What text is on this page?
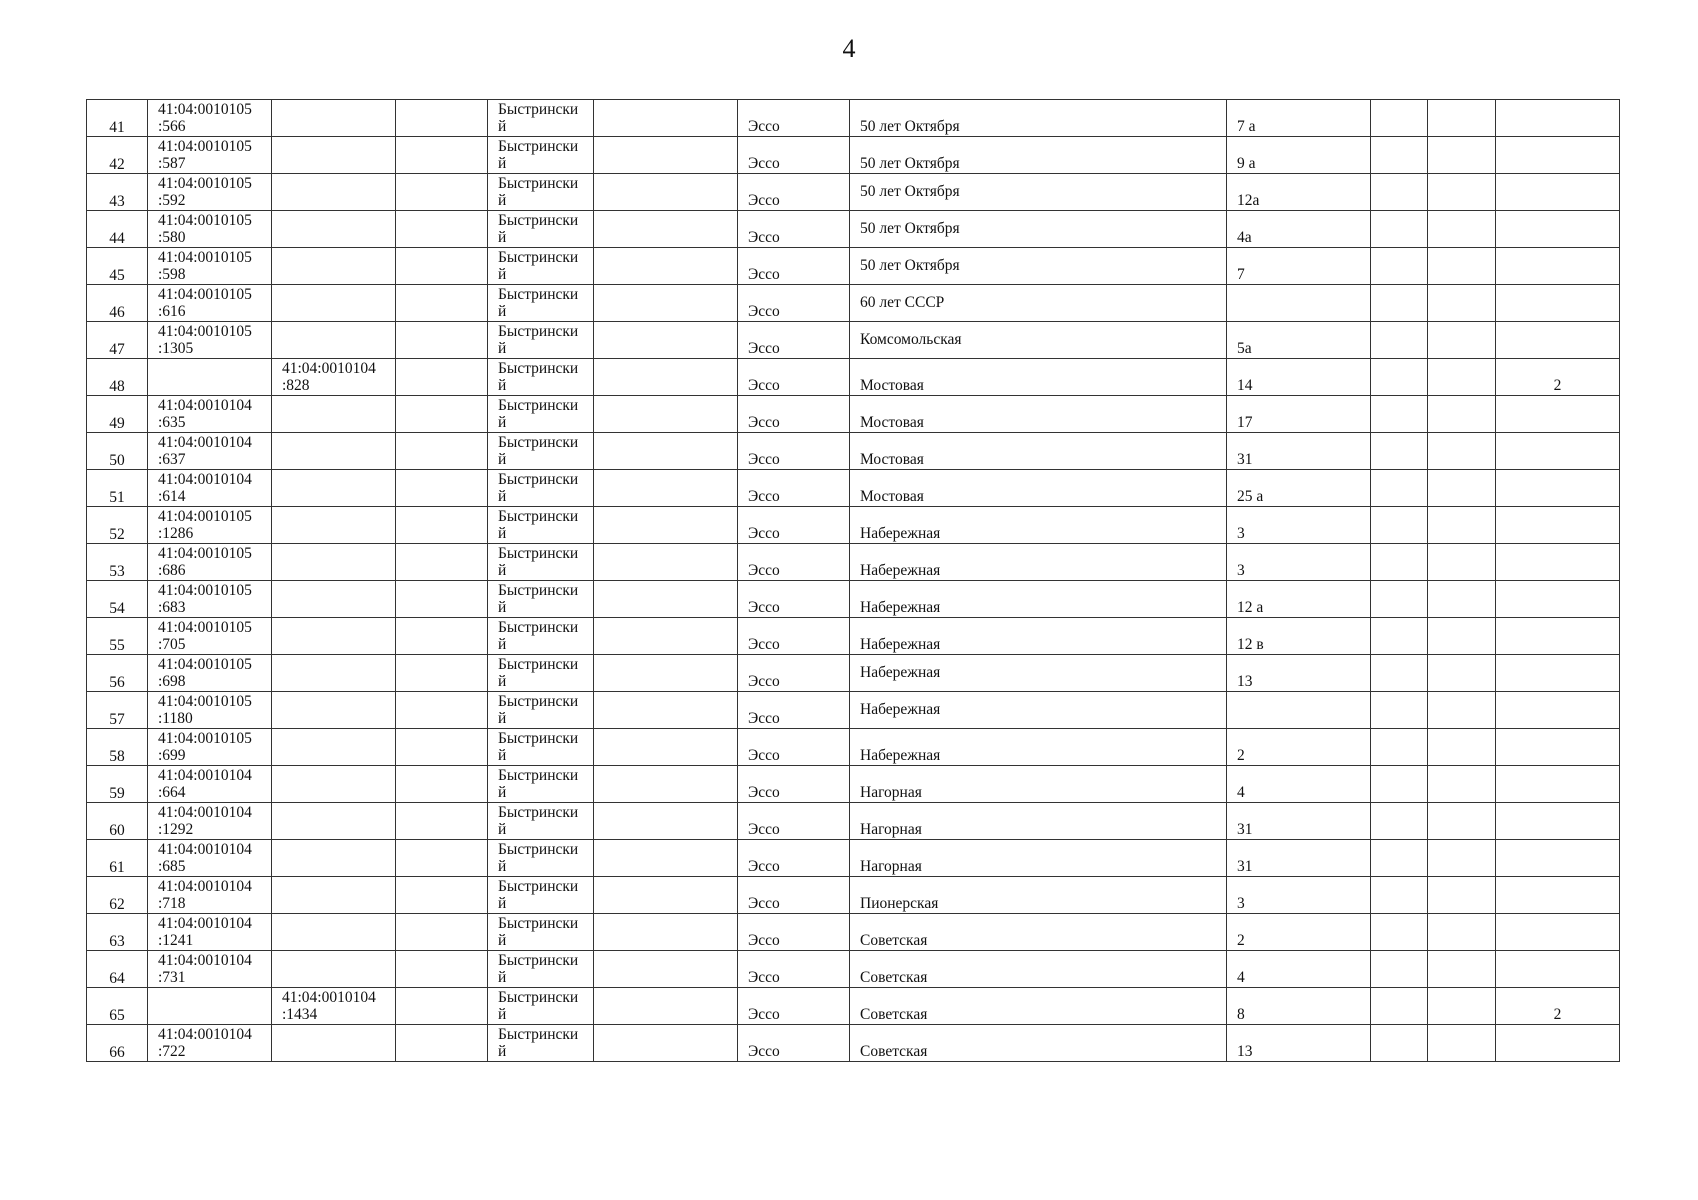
4
41	41:04:0010105
:566			Быстрински
й		Эссо	50 лет Октября	7 а			

42	41:04:0010105
:587			Быстрински
й		Эссо	50 лет Октября	9 а			

43	41:04:0010105
:592			Быстрински
й		Эссо	50 лет Октября	12а			

44	41:04:0010105
:580			Быстрински
й		Эссо	50 лет Октября	4а			

45	41:04:0010105
:598			Быстрински
й		Эссо	50 лет Октября	7			

46	41:04:0010105
:616			Быстрински
й		Эссо	60 лет СССР				

47	41:04:0010105
:1305			Быстрински
й		Эссо	Комсомольская	5а			

48		41:04:0010104
:828		Быстрински
й		Эссо	Мостовая	14			2

49	41:04:0010104
:635			Быстрински
й		Эссо	Мостовая	17			

50	41:04:0010104
:637			Быстрински
й		Эссо	Мостовая	31			

51	41:04:0010104
:614			Быстрински
й		Эссо	Мостовая	25 а			

52	41:04:0010105
:1286			Быстрински
й		Эссо	Набережная	3			

53	41:04:0010105
:686			Быстрински
й		Эссо	Набережная	3			

54	41:04:0010105
:683			Быстрински
й		Эссо	Набережная	12 а			

55	41:04:0010105
:705			Быстрински
й		Эссо	Набережная	12 в			

56	41:04:0010105
:698			Быстрински
й		Эссо	Набережная	13			

57	41:04:0010105
:1180			Быстрински
й		Эссо	Набережная				

58	41:04:0010105
:699			Быстрински
й		Эссо	Набережная	2			

59	41:04:0010104
:664			Быстрински
й		Эссо	Нагорная	4			

60	41:04:0010104
:1292			Быстрински
й		Эссо	Нагорная	31			

61	41:04:0010104
:685			Быстрински
й		Эссо	Нагорная	31			

62	41:04:0010104
:718			Быстрински
й		Эссо	Пионерская	3			

63	41:04:0010104
:1241			Быстрински
й		Эссо	Советская	2			

64	41:04:0010104
:731			Быстрински
й		Эссо	Советская	4			

65		41:04:0010104
:1434		Быстрински
й		Эссо	Советская	8			2

66	41:04:0010104
:722			Быстрински
й		Эссо	Советская	13			
